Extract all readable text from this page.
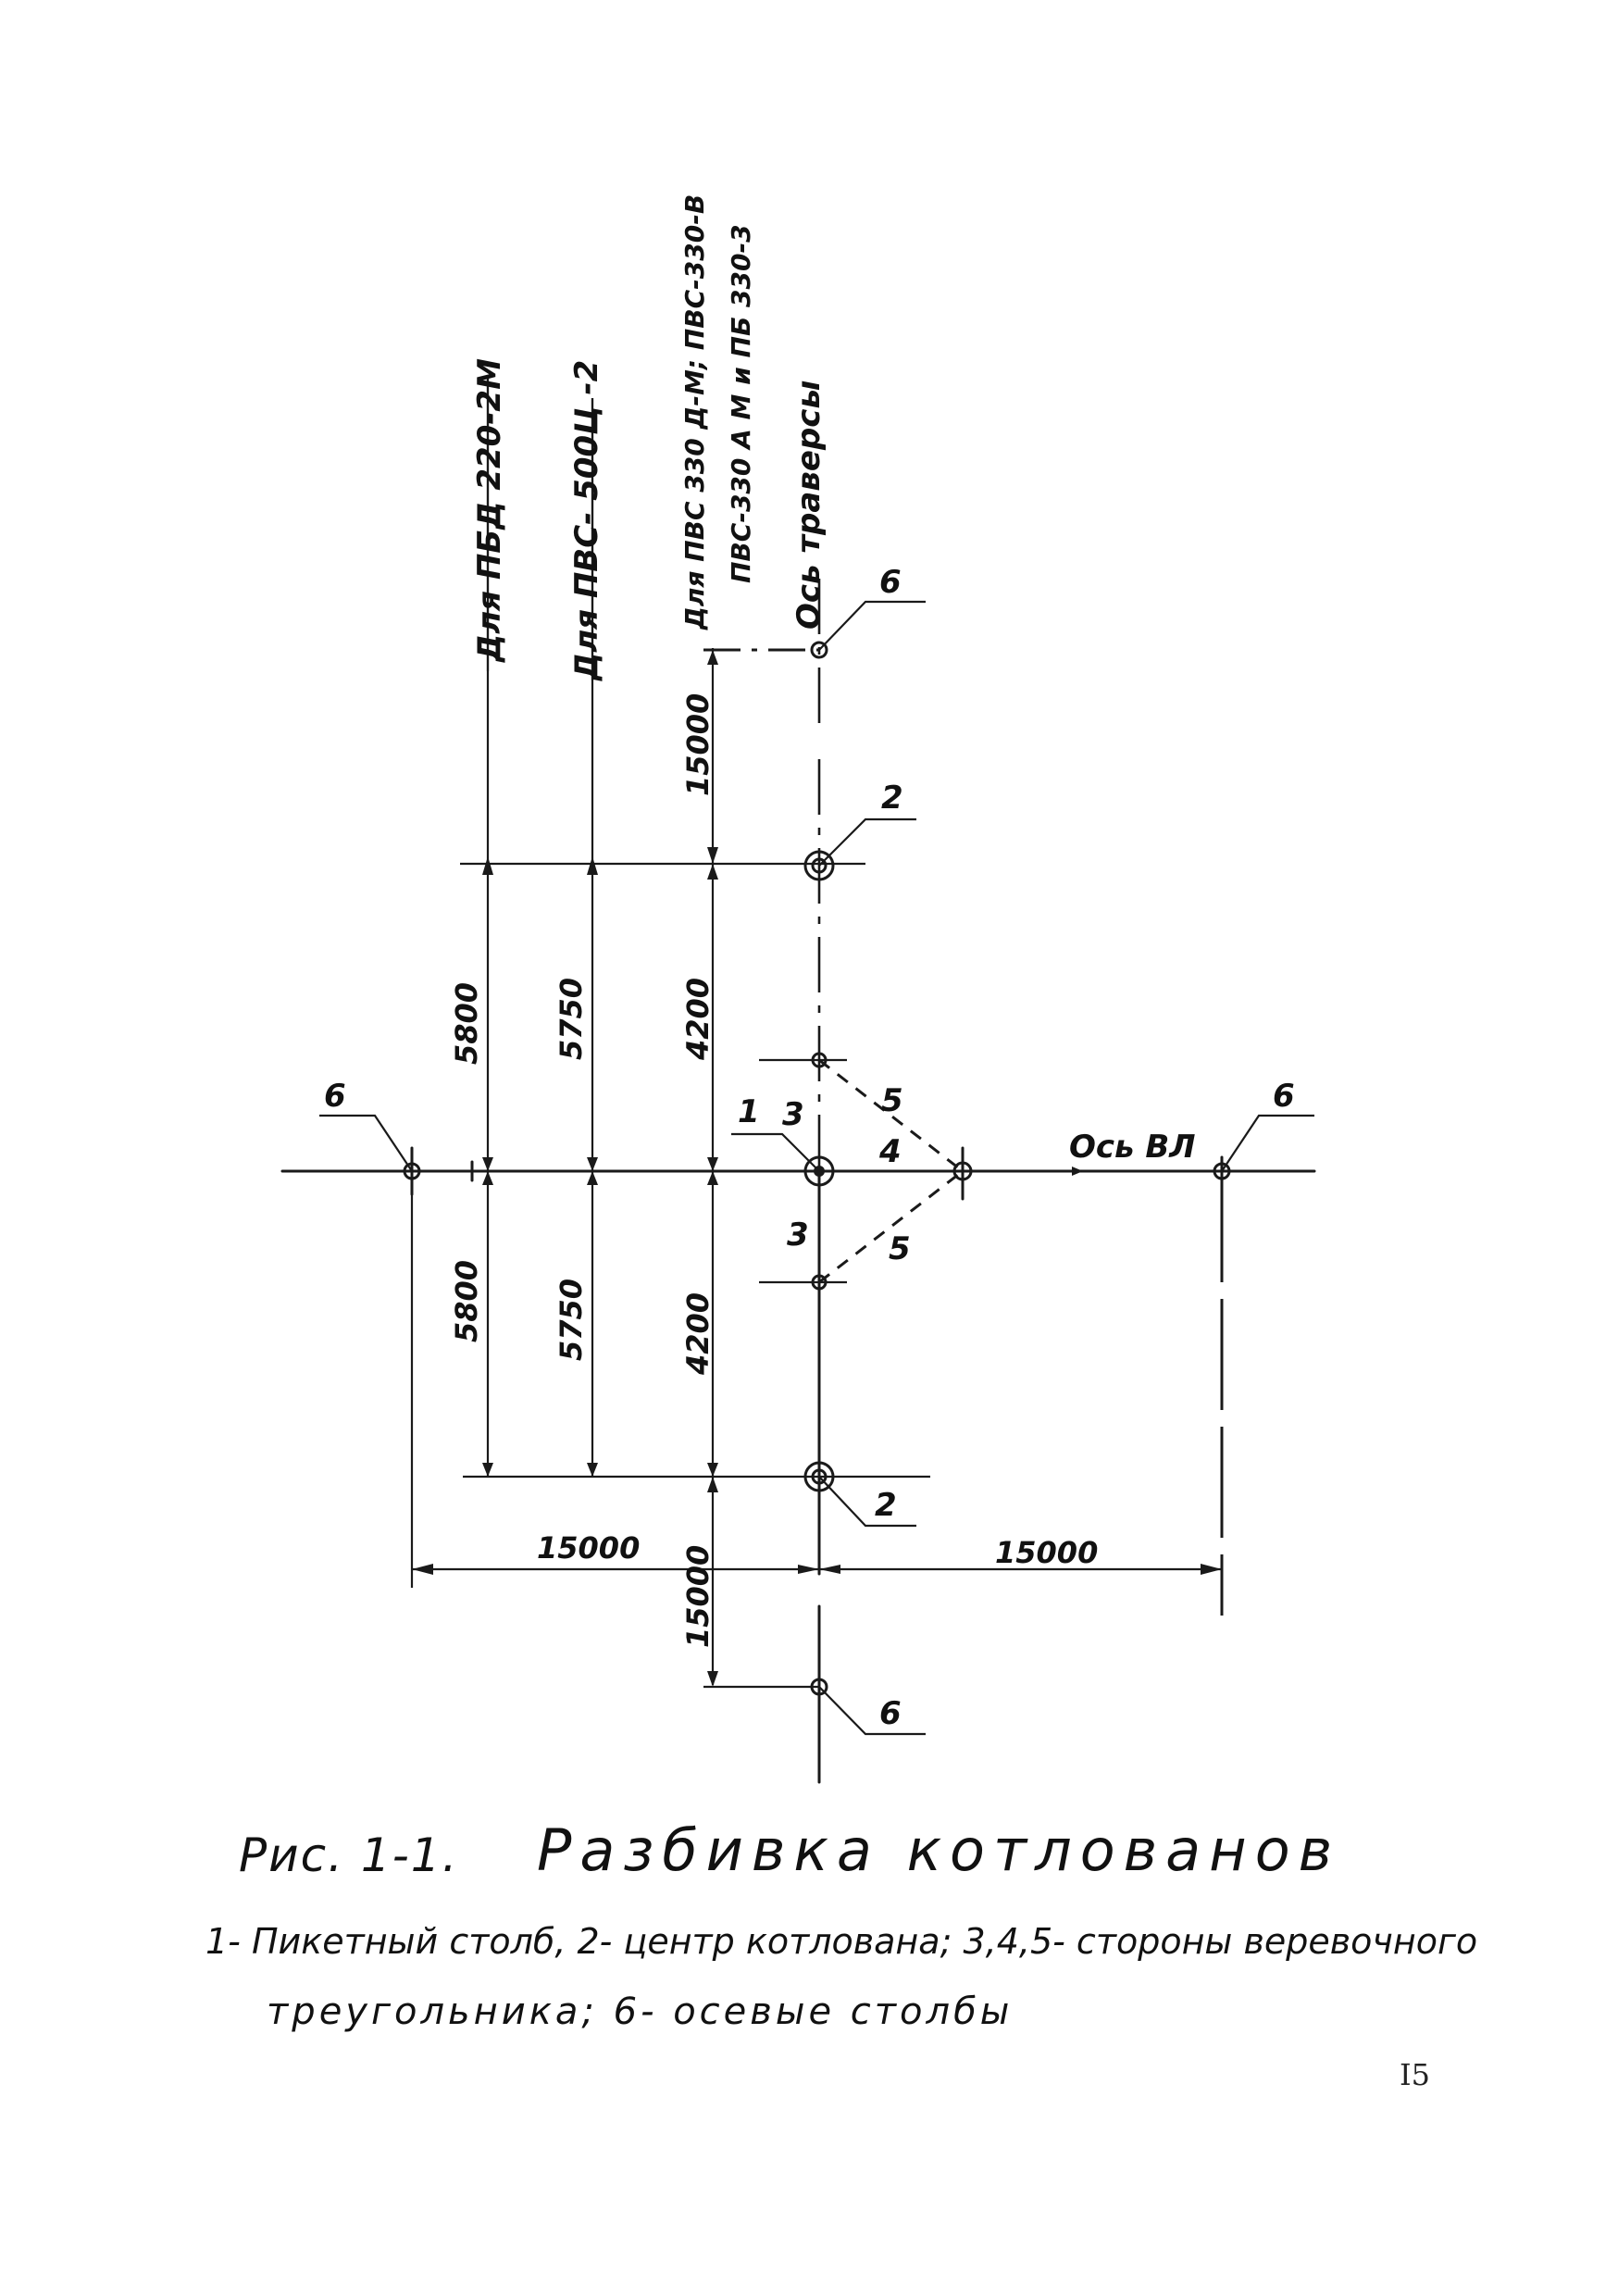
Для ПБД 220-2М Для ПВС- 500Ц -2	Для ПВС 330 Д-М; ПВС-330-В ПВС-330 А М и ПБ 330-3 Ось траверсы
15000
5800 5750	4200
5800 5750	4200
15000	15000
15000
6	6
6
6
2
2
1 3
3
4
5
5
Ось ВЛ
Рис. 1-1. Разбивка котлованов
1- Пикетный столб, 2- центр котлована; 3,4,5- стороны веревочного
треугольника; 6- осевые столбы
I5
